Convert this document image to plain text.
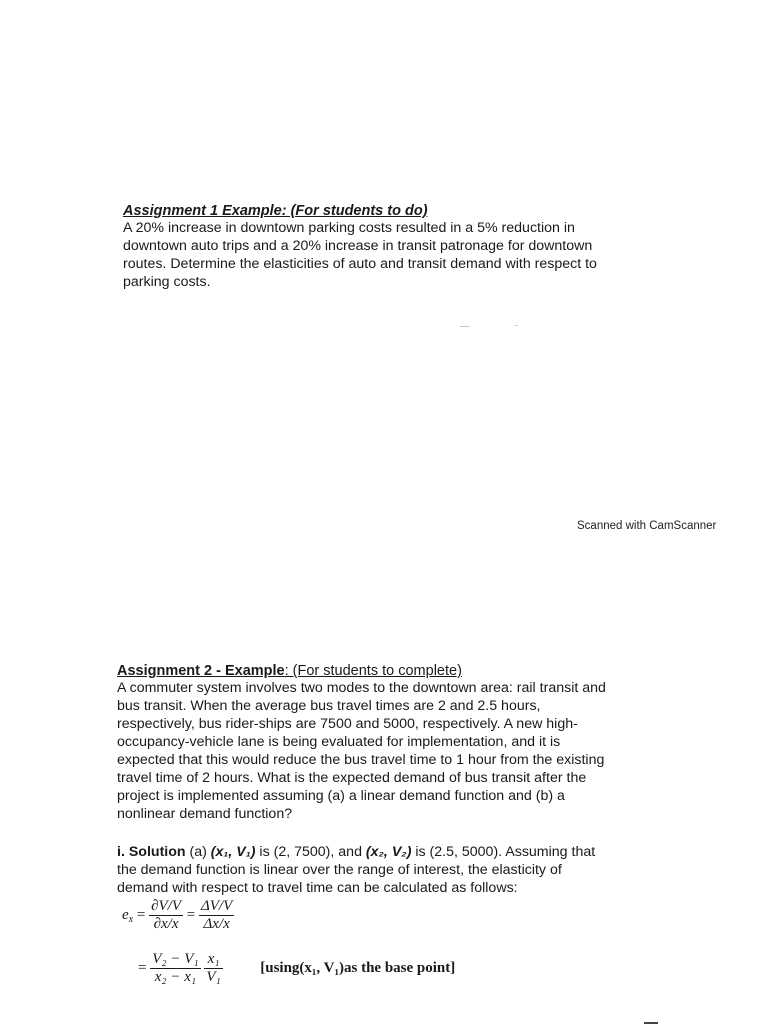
Assignment 1 Example: (For students to do)
A 20% increase in downtown parking costs resulted in a 5% reduction in
downtown auto trips and a 20% increase in transit patronage for downtown
routes. Determine the elasticities of auto and transit demand with respect to
parking costs.
Scanned with CamScanner
Assignment 2 - Example: (For students to complete)
A commuter system involves two modes to the downtown area: rail transit and
bus transit. When the average bus travel times are 2 and 2.5 hours,
respectively, bus rider-ships are 7500 and 5000, respectively. A new high-
occupancy-vehicle lane is being evaluated for implementation, and it is
expected that this would reduce the bus travel time to 1 hour from the existing
travel time of 2 hours. What is the expected demand of bus transit after the
project is implemented assuming (a) a linear demand function and (b) a
nonlinear demand function?
i. Solution (a) (x₁, V₁) is (2, 7500), and (x₂, V₂) is (2.5, 5000). Assuming that
the demand function is linear over the range of interest, the elasticity of
demand with respect to travel time can be calculated as follows:
$e_x = \frac{\partial V/V}{\partial x/x} = \frac{\Delta V/V}{\Delta x/x}$
= $\frac{\text{V₂ − V₁}}{\text{x₂ − x₁}}$
$\frac{\text{x₁}}{\text{V₁}}$	[using(x₁, V₁)as the base point]
